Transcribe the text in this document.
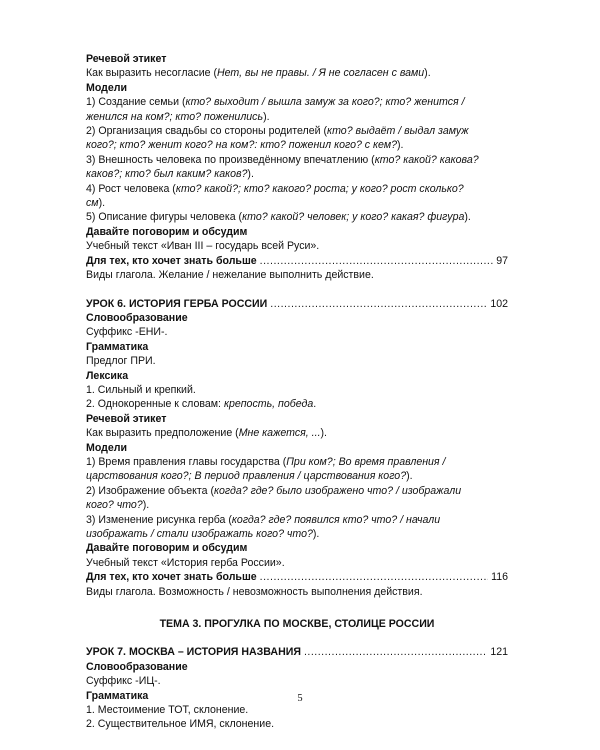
Речевой этикет
Как выразить несогласие (Нет, вы не правы. / Я не согласен с вами).
Модели
1) Создание семьи (кто? выходит / вышла замуж за кого?; кто? женится /
женился на ком?; кто? поженились).
2) Организация свадьбы со стороны родителей (кто? выдаёт / выдал замуж
кого?; кто? женит кого? на ком?: кто? поженил кого? с кем?).
3) Внешность человека по произведённому впечатлению (кто? какой? какова?
каков?; кто? был каким? каков?).
4) Рост человека (кто? какой?; кто? какого? роста; у кого? рост сколько?
см).
5) Описание фигуры человека (кто? какой? человек; у кого? какая? фигура).
Давайте поговорим и обсудим
Учебный текст «Иван III – государь всей Руси».
Для тех, кто хочет знать больше .....	97
Виды глагола. Желание / нежелание выполнить действие.
УРОК 6. ИСТОРИЯ ГЕРБА РОССИИ .....	102
Словообразование
Суффикс -ЕНИ-.
Грамматика
Предлог ПРИ.
Лексика
1. Сильный и крепкий.
2. Однокоренные к словам: крепость, победа.
Речевой этикет
Как выразить предположение (Мне кажется, ...).
Модели
1) Время правления главы государства (При ком?; Во время правления /
царствования кого?; В период правления / царствования кого?).
2) Изображение объекта (когда? где? было изображено что? / изображали
кого? что?).
3) Изменение рисунка герба (когда? где? появился кто? что? / начали
изображать / стали изображать кого? что?).
Давайте поговорим и обсудим
Учебный текст «История герба России».
Для тех, кто хочет знать больше .....	116
Виды глагола. Возможность / невозможность выполнения действия.
ТЕМА 3. ПРОГУЛКА ПО МОСКВЕ, СТОЛИЦЕ РОССИИ
УРОК 7. МОСКВА – ИСТОРИЯ НАЗВАНИЯ .....	121
Словообразование
Суффикс -ИЦ-.
Грамматика
1. Местоимение ТОТ, склонение.
2. Существительное ИМЯ, склонение.
5
